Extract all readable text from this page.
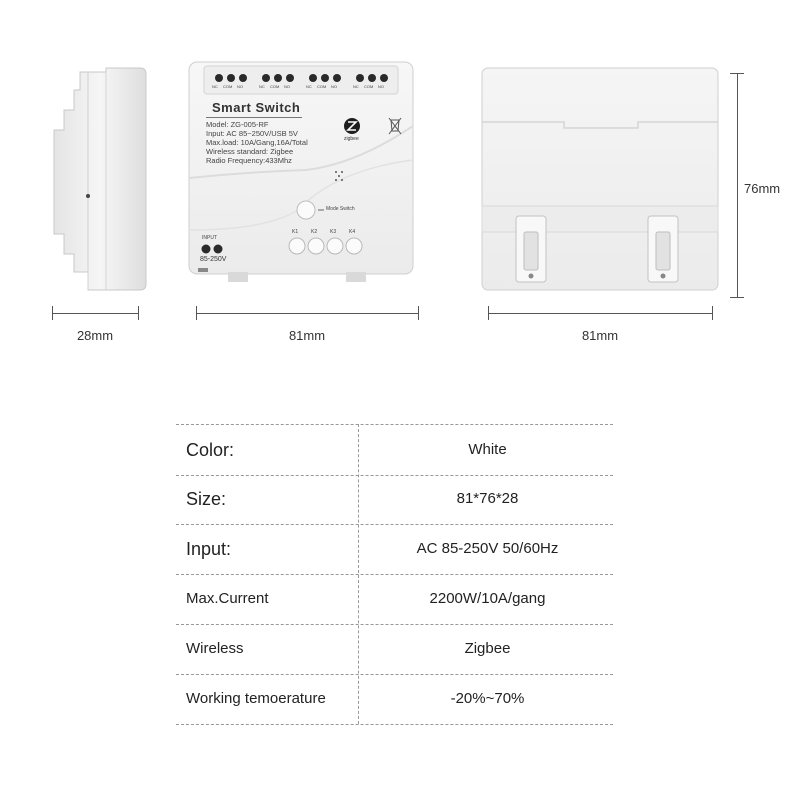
Smart Switch
Model: ZG-005-RF
Input: AC 85~250V/USB 5V
Max.load: 10A/Gang,16A/Total
Wireless standard: Zigbee
Radio Frequency:433Mhz
zigbee
Mode Switch
INPUT
85-250V
NC COM NO	NC COM NO	NC COM NO	NC COM NO
K1	K2	K3	K4
28mm	81mm	81mm
76mm
Color:	White
Size:	81*76*28
Input:	AC 85-250V 50/60Hz
Max.Current	2200W/10A/gang
Wireless	Zigbee
Working temoerature	-20%~70%
